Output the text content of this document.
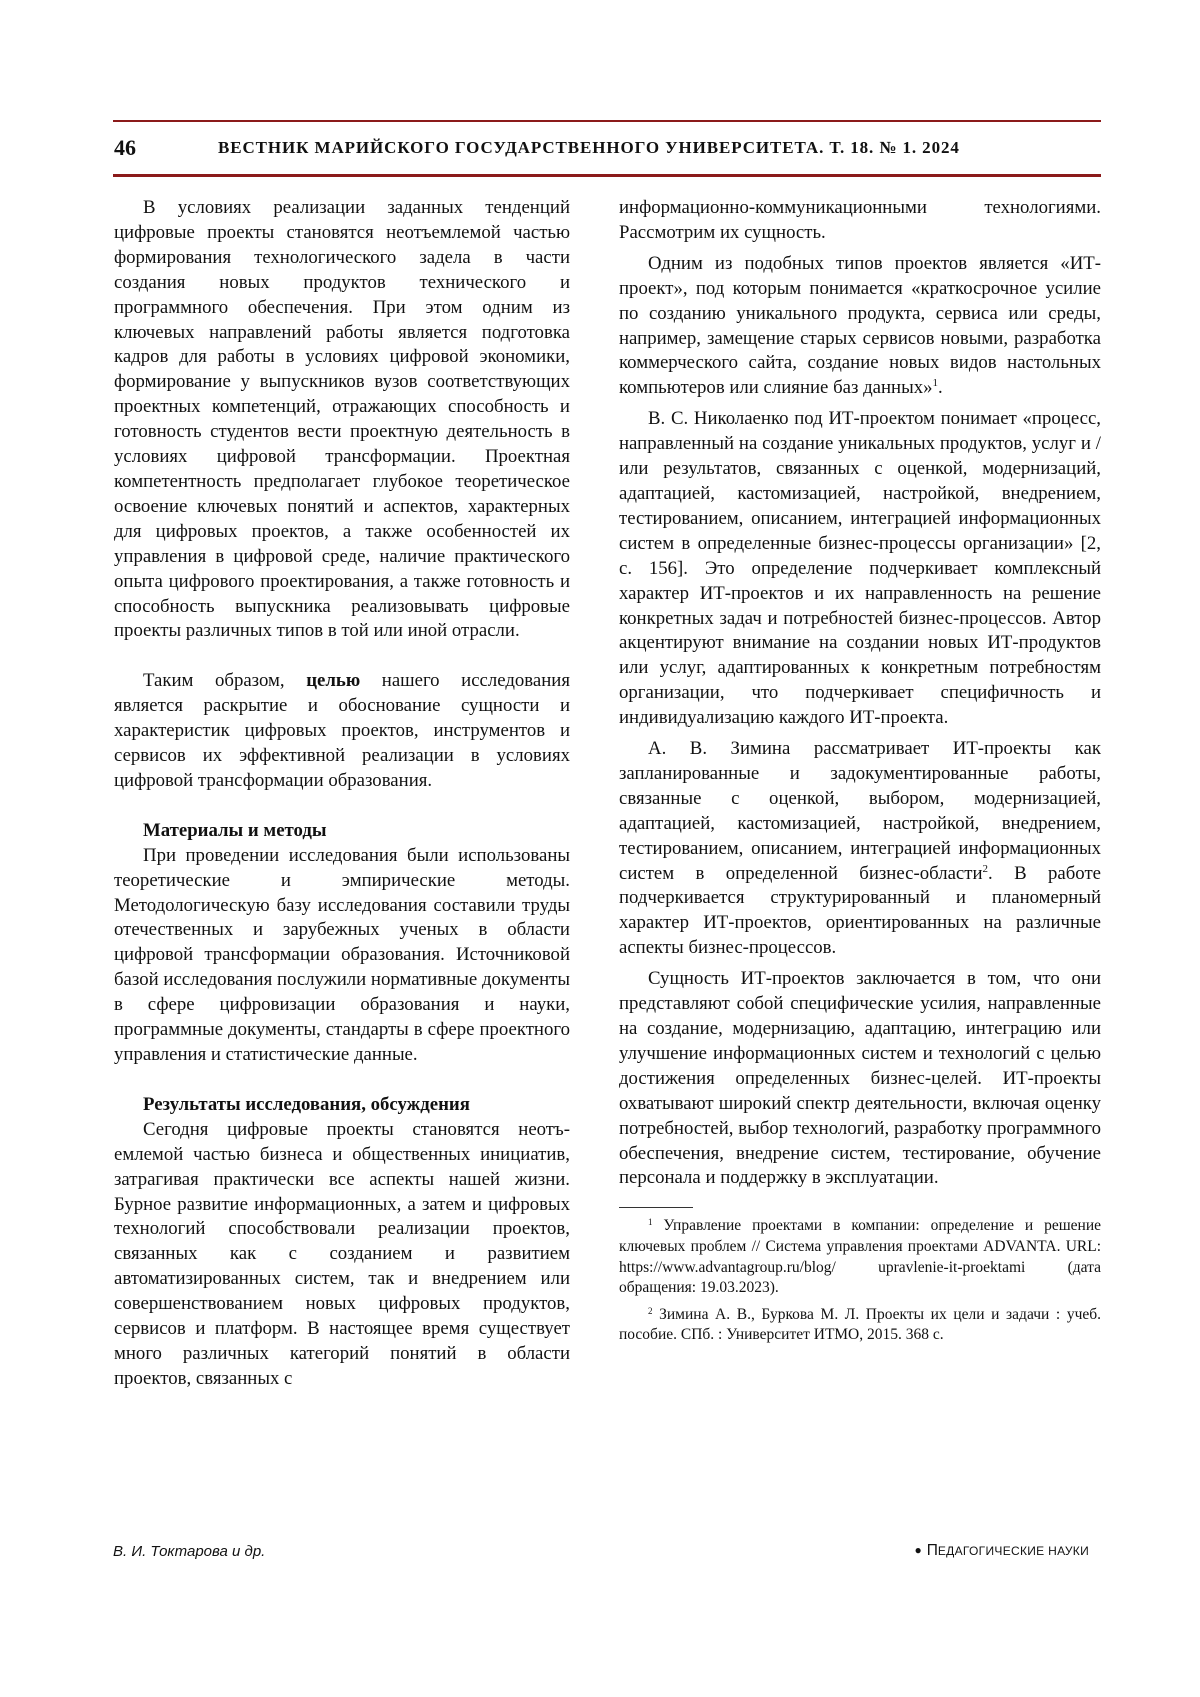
46	ВЕСТНИК МАРИЙСКОГО ГОСУДАРСТВЕННОГО УНИВЕРСИТЕТА. Т. 18. № 1. 2024

В условиях реализации заданных тенденций цифровые проекты становятся неотъемлемой частью формирования технологического задела в части создания новых продуктов технического и программного обеспечения. При этом одним из ключевых направлений работы является подготовка кадров для работы в условиях цифровой экономики, формирование у выпускников вузов соответствующих проектных компетенций, отражающих способность и готовность студентов вести проектную деятельность в условиях цифровой трансформации. Проектная компетентность предполагает глубокое теоретическое освоение ключевых понятий и аспектов, характерных для цифровых проектов, а также особенностей их управления в цифровой среде, наличие практического опыта цифрового проектирования, а также готовность и способность выпускника реализовывать цифровые проекты различных типов в той или иной отрасли.

Таким образом, целью нашего исследования является раскрытие и обоснование сущности и характеристик цифровых проектов, инструментов и сервисов их эффективной реализации в условиях цифровой трансформации образования.

Материалы и методы

При проведении исследования были использованы теоретические и эмпирические методы. Методологическую базу исследования составили труды отечественных и зарубежных ученых в области цифровой трансформации образования. Источниковой базой исследования послужили нормативные документы в сфере цифровизации образования и науки, программные документы, стандарты в сфере проектного управления и статистические данные.

Результаты исследования, обсуждения

Сегодня цифровые проекты становятся неотъемлемой частью бизнеса и общественных инициатив, затрагивая практически все аспекты нашей жизни. Бурное развитие информационных, а затем и цифровых технологий способствовали реализации проектов, связанных как с созданием и развитием автоматизированных систем, так и внедрением или совершенствованием новых цифровых продуктов, сервисов и платформ. В настоящее время существует много различных категорий понятий в области проектов, связанных с

информационно-коммуникационными технологиями. Рассмотрим их сущность.

Одним из подобных типов проектов является «ИТ-проект», под которым понимается «краткосрочное усилие по созданию уникального продукта, сервиса или среды, например, замещение старых сервисов новыми, разработка коммерческого сайта, создание новых видов настольных компьютеров или слияние баз данных»$^1$.

В. С. Николаенко под ИТ-проектом понимает «процесс, направленный на создание уникальных продуктов, услуг и / или результатов, связанных с оценкой, модернизаций, адаптацией, кастомизацией, настройкой, внедрением, тестированием, описанием, интеграцией информационных систем в определенные бизнес-процессы организации» [2, с. 156]. Это определение подчеркивает комплексный характер ИТ-проектов и их направленность на решение конкретных задач и потребностей бизнес-процессов. Автор акцентируют внимание на создании новых ИТ-продуктов или услуг, адаптированных к конкретным потребностям организации, что подчеркивает специфичность и индивидуализацию каждого ИТ-проекта.

А. В. Зимина рассматривает ИТ-проекты как запланированные и задокументированные работы, связанные с оценкой, выбором, модернизацией, адаптацией, кастомизацией, настройкой, внедрением, тестированием, описанием, интеграцией информационных систем в определенной бизнес-области$^2$. В работе подчеркивается структурированный и планомерный характер ИТ-проектов, ориентированных на различные аспекты бизнес-процессов.

Сущность ИТ-проектов заключается в том, что они представляют собой специфические усилия, направленные на создание, модернизацию, адаптацию, интеграцию или улучшение информационных систем и технологий с целью достижения определенных бизнес-целей. ИТ-проекты охватывают широкий спектр деятельности, включая оценку потребностей, выбор технологий, разработку программного обеспечения, внедрение систем, тестирование, обучение персонала и поддержку в эксплуатации.

$^1$ Управление проектами в компании: определение и решение ключевых проблем // Система управления проектами ADVANTA. URL: https://www.advantagroup.ru/blog/ upravlenie-it-proektami (дата обращения: 19.03.2023).

$^2$ Зимина А. В., Буркова М. Л. Проекты их цели и задачи : учеб. пособие. СПб. : Университет ИТМО, 2015. 368 с.

В. И. Токтарова и др.	● ПЕДАГОГИЧЕСКИЕ НАУКИ
